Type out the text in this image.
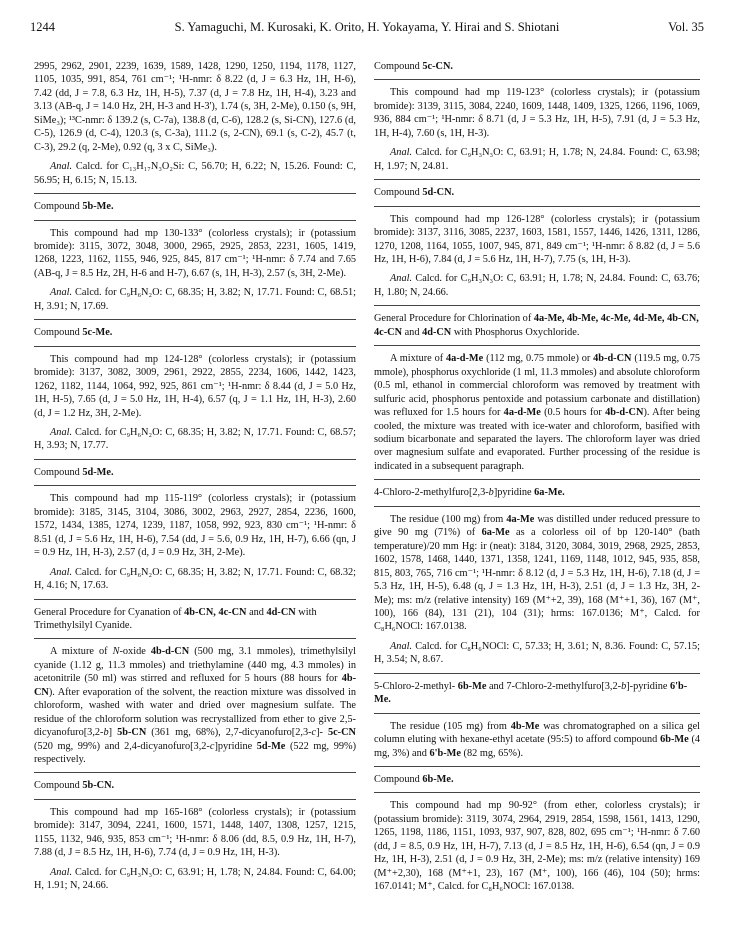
1244	S. Yamaguchi, M. Kurosaki, K. Orito, H. Yokayama, Y. Hirai and S. Shiotani	Vol. 35

2995, 2962, 2901, 2239, 1639, 1589, 1428, 1290, 1250, 1194, 1178, 1127, 1105, 1035, 991, 854, 761 cm⁻¹; ¹H-nmr: δ 8.22 (d, J = 6.3 Hz, 1H, H-6), 7.42 (dd, J = 7.8, 6.3 Hz, 1H, H-5), 7.37 (d, J = 7.8 Hz, 1H, H-4), 3.23 and 3.13 (AB-q, J = 14.0 Hz, 2H, H-3 and H-3'), 1.74 (s, 3H, 2-Me), 0.150 (s, 9H, SiMe₃); ¹³C-nmr: δ 139.2 (s, C-7a), 138.8 (d, C-6), 128.2 (s, Si-CN), 127.6 (d, C-5), 126.9 (d, C-4), 120.3 (s, C-3a), 111.2 (s, 2-CN), 69.1 (s, C-2), 45.7 (t, C-3), 29.2 (q, 2-Me), 0.92 (q, 3 x C, SiMe₃).

Anal. Calcd. for C₁₃H₁₇N₃O₂Si: C, 56.70; H, 6.22; N, 15.26. Found: C, 56.95; H, 6.15; N, 15.13.

Compound 5b-Me.

This compound had mp 130-133° (colorless crystals); ir (potassium bromide): 3115, 3072, 3048, 3000, 2965, 2925, 2853, 2231, 1605, 1419, 1268, 1223, 1162, 1155, 946, 925, 845, 817 cm⁻¹; ¹H-nmr: δ 7.74 and 7.65 (AB-q, J = 8.5 Hz, 2H, H-6 and H-7), 6.67 (s, 1H, H-3), 2.57 (s, 3H, 2-Me).

Anal. Calcd. for C₉H₆N₂O: C, 68.35; H, 3.82; N, 17.71. Found: C, 68.51; H, 3.91; N, 17.69.

Compound 5c-Me.

This compound had mp 124-128° (colorless crystals); ir (potassium bromide): 3137, 3082, 3009, 2961, 2922, 2855, 2234, 1606, 1442, 1423, 1262, 1182, 1144, 1064, 992, 925, 861 cm⁻¹; ¹H-nmr: δ 8.44 (d, J = 5.0 Hz, 1H, H-5), 7.65 (d, J = 5.0 Hz, 1H, H-4), 6.57 (q, J = 1.1 Hz, 1H, H-3), 2.60 (d, J = 1.2 Hz, 3H, 2-Me).

Anal. Calcd. for C₉H₆N₂O: C, 68.35; H, 3.82; N, 17.71. Found: C, 68.57; H, 3.93; N, 17.77.

Compound 5d-Me.

This compound had mp 115-119° (colorless crystals); ir (potassium bromide): 3185, 3145, 3104, 3086, 3002, 2963, 2927, 2854, 2236, 1600, 1572, 1434, 1385, 1274, 1239, 1187, 1058, 992, 923, 830 cm⁻¹; ¹H-nmr: δ 8.51 (d, J = 5.6 Hz, 1H, H-6), 7.54 (dd, J = 5.6, 0.9 Hz, 1H, H-7), 6.66 (qn, J = 0.9 Hz, 1H, H-3), 2.57 (d, J = 0.9 Hz, 3H, 2-Me).

Anal. Calcd. for C₉H₆N₂O: C, 68.35; H, 3.82; N, 17.71. Found: C, 68.32; H, 4.16; N, 17.63.

General Procedure for Cyanation of 4b-CN, 4c-CN and 4d-CN with Trimethylsilyl Cyanide.

A mixture of N-oxide 4b-d-CN (500 mg, 3.1 mmoles), trimethylsilyl cyanide (1.12 g, 11.3 mmoles) and triethylamine (440 mg, 4.3 mmoles) in acetonitrile (50 ml) was stirred and refluxed for 5 hours (88 hours for 4b-CN). After evaporation of the solvent, the reaction mixture was dissolved in chloroform, washed with water and dried over magnesium sulfate. The residue of the chloroform solution was recrystallized from ether to give 2,5-dicyanofuro[3,2-b] 5b-CN (361 mg, 68%), 2,7-dicyanofuro[2,3-c]- 5c-CN (520 mg, 99%) and 2,4-dicyanofuro[3,2-c]pyridine 5d-Me (522 mg, 99%) respectively.

Compound 5b-CN.

This compound had mp 165-168° (colorless crystals); ir (potassium bromide): 3147, 3094, 2241, 1600, 1571, 1448, 1407, 1308, 1257, 1215, 1155, 1132, 946, 935, 853 cm⁻¹; ¹H-nmr: δ 8.06 (dd, 8.5, 0.9 Hz, 1H, H-7), 7.88 (d, J = 8.5 Hz, 1H, H-6), 7.74 (d, J = 0.9 Hz, 1H, H-3).

Anal. Calcd. for C₉H₃N₃O: C, 63.91; H, 1.78; N, 24.84. Found: C, 64.00; H, 1.91; N, 24.66.

Compound 5c-CN.

This compound had mp 119-123° (colorless crystals); ir (potassium bromide): 3139, 3115, 3084, 2240, 1609, 1448, 1409, 1325, 1266, 1196, 1069, 936, 884 cm⁻¹; ¹H-nmr: δ 8.71 (d, J = 5.3 Hz, 1H, H-5), 7.91 (d, J = 5.3 Hz, 1H, H-4), 7.60 (s, 1H, H-3).

Anal. Calcd. for C₉H₃N₃O: C, 63.91; H, 1.78; N, 24.84. Found: C, 63.98; H, 1.97; N, 24.81.

Compound 5d-CN.

This compound had mp 126-128° (colorless crystals); ir (potassium bromide): 3137, 3116, 3085, 2237, 1603, 1581, 1557, 1446, 1426, 1311, 1286, 1270, 1208, 1164, 1055, 1007, 945, 871, 849 cm⁻¹; ¹H-nmr: δ 8.82 (d, J = 5.6 Hz, 1H, H-6), 7.84 (d, J = 5.6 Hz, 1H, H-7), 7.75 (s, 1H, H-3).

Anal. Calcd. for C₉H₃N₃O: C, 63.91; H, 1.78; N, 24.84. Found: C, 63.76; H, 1.80; N, 24.66.

General Procedure for Chlorination of 4a-Me, 4b-Me, 4c-Me, 4d-Me, 4b-CN, 4c-CN and 4d-CN with Phosphorus Oxychloride.

A mixture of 4a-d-Me (112 mg, 0.75 mmole) or 4b-d-CN (119.5 mg, 0.75 mmole), phosphorus oxychloride (1 ml, 11.3 mmoles) and absolute chloroform (0.5 ml, ethanol in commercial chloroform was removed by treatment with sulfuric acid, phosphorus pentoxide and potassium carbonate and distillation) was refluxed for 1.5 hours for 4a-d-Me (0.5 hours for 4b-d-CN). After being cooled, the mixture was treated with ice-water and chloroform, basified with sodium bicarbonate and separated the layers. The chloroform layer was dried over magnesium sulfate and evaporated. Further processing of the residue is indicated in a subsequent paragraph.

4-Chloro-2-methylfuro[2,3-b]pyridine 6a-Me.

The residue (100 mg) from 4a-Me was distilled under reduced pressure to give 90 mg (71%) of 6a-Me as a colorless oil of bp 120-140° (bath temperature)/20 mm Hg: ir (neat): 3184, 3120, 3084, 3019, 2968, 2925, 2853, 1602, 1578, 1468, 1440, 1371, 1358, 1241, 1169, 1148, 1012, 945, 935, 858, 815, 803, 765, 716 cm⁻¹; ¹H-nmr: δ 8.12 (d, J = 5.3 Hz, 1H, H-6), 7.18 (d, J = 5.3 Hz, 1H, H-5), 6.48 (q, J = 1.3 Hz, 1H, H-3), 2.51 (d, J = 1.3 Hz, 3H, 2-Me); ms: m/z (relative intensity) 169 (M⁺+2, 39), 168 (M⁺+1, 36), 167 (M⁺, 100), 166 (84), 131 (21), 104 (31); hrms: 167.0136; M⁺, Calcd. for C₈H₆NOCl: 167.0138.

Anal. Calcd. for C₈H₆NOCl: C, 57.33; H, 3.61; N, 8.36. Found: C, 57.15; H, 3.54; N, 8.67.

5-Chloro-2-methyl- 6b-Me and 7-Chloro-2-methylfuro[3,2-b]-pyridine 6'b-Me.

The residue (105 mg) from 4b-Me was chromatographed on a silica gel column eluting with hexane-ethyl acetate (95:5) to afford compound 6b-Me (4 mg, 3%) and 6'b-Me (82 mg, 65%).

Compound 6b-Me.

This compound had mp 90-92° (from ether, colorless crystals); ir (potassium bromide): 3119, 3074, 2964, 2919, 2854, 1598, 1561, 1413, 1290, 1265, 1198, 1186, 1151, 1093, 937, 907, 828, 802, 695 cm⁻¹; ¹H-nmr: δ 7.60 (dd, J = 8.5, 0.9 Hz, 1H, H-7), 7.13 (d, J = 8.5 Hz, 1H, H-6), 6.54 (qn, J = 0.9 Hz, 1H, H-3), 2.51 (d, J = 0.9 Hz, 3H, 2-Me); ms: m/z (relative intensity) 169 (M⁺+2,30), 168 (M⁺+1, 23), 167 (M⁺, 100), 166 (46), 104 (50); hrms: 167.0141; M⁺, Calcd. for C₈H₆NOCl: 167.0138.
